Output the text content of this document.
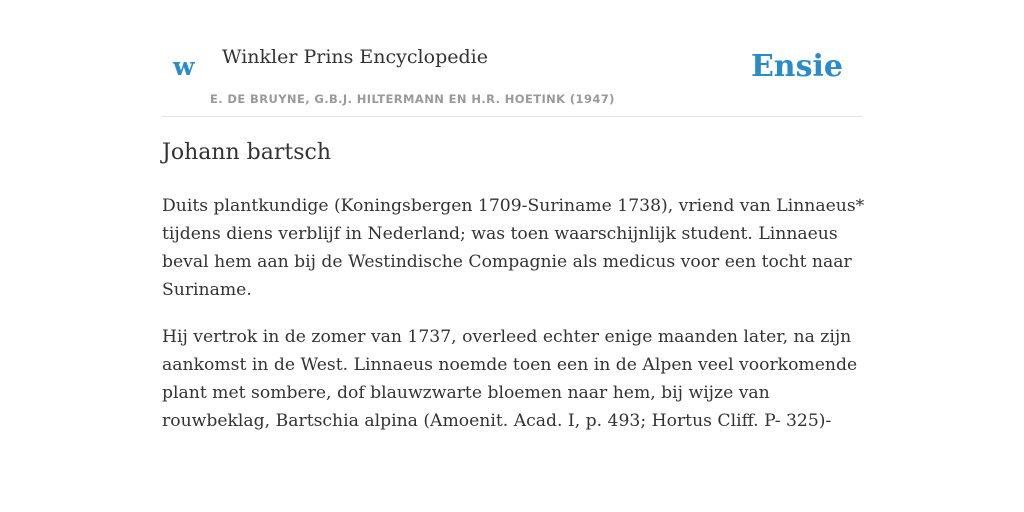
w Winkler Prins Encyclopedie
E. DE BRUYNE, G.B.J. HILTERMANN EN H.R. HOETINK (1947)
Ensie
Johann bartsch

Duits plantkundige (Koningsbergen 1709-Suriname 1738), vriend van Linnaeus* tijdens diens verblijf in Nederland; was toen waarschijnlijk student. Linnaeus beval hem aan bij de Westindische Compagnie als medicus voor een tocht naar Suriname.

Hij vertrok in de zomer van 1737, overleed echter enige maanden later, na zijn aankomst in de West. Linnaeus noemde toen een in de Alpen veel voorkomende plant met sombere, dof blauwzwarte bloemen naar hem, bij wijze van rouwbeklag, Bartschia alpina (Amoenit. Acad. I, p. 493; Hortus Cliff. P- 325)-
